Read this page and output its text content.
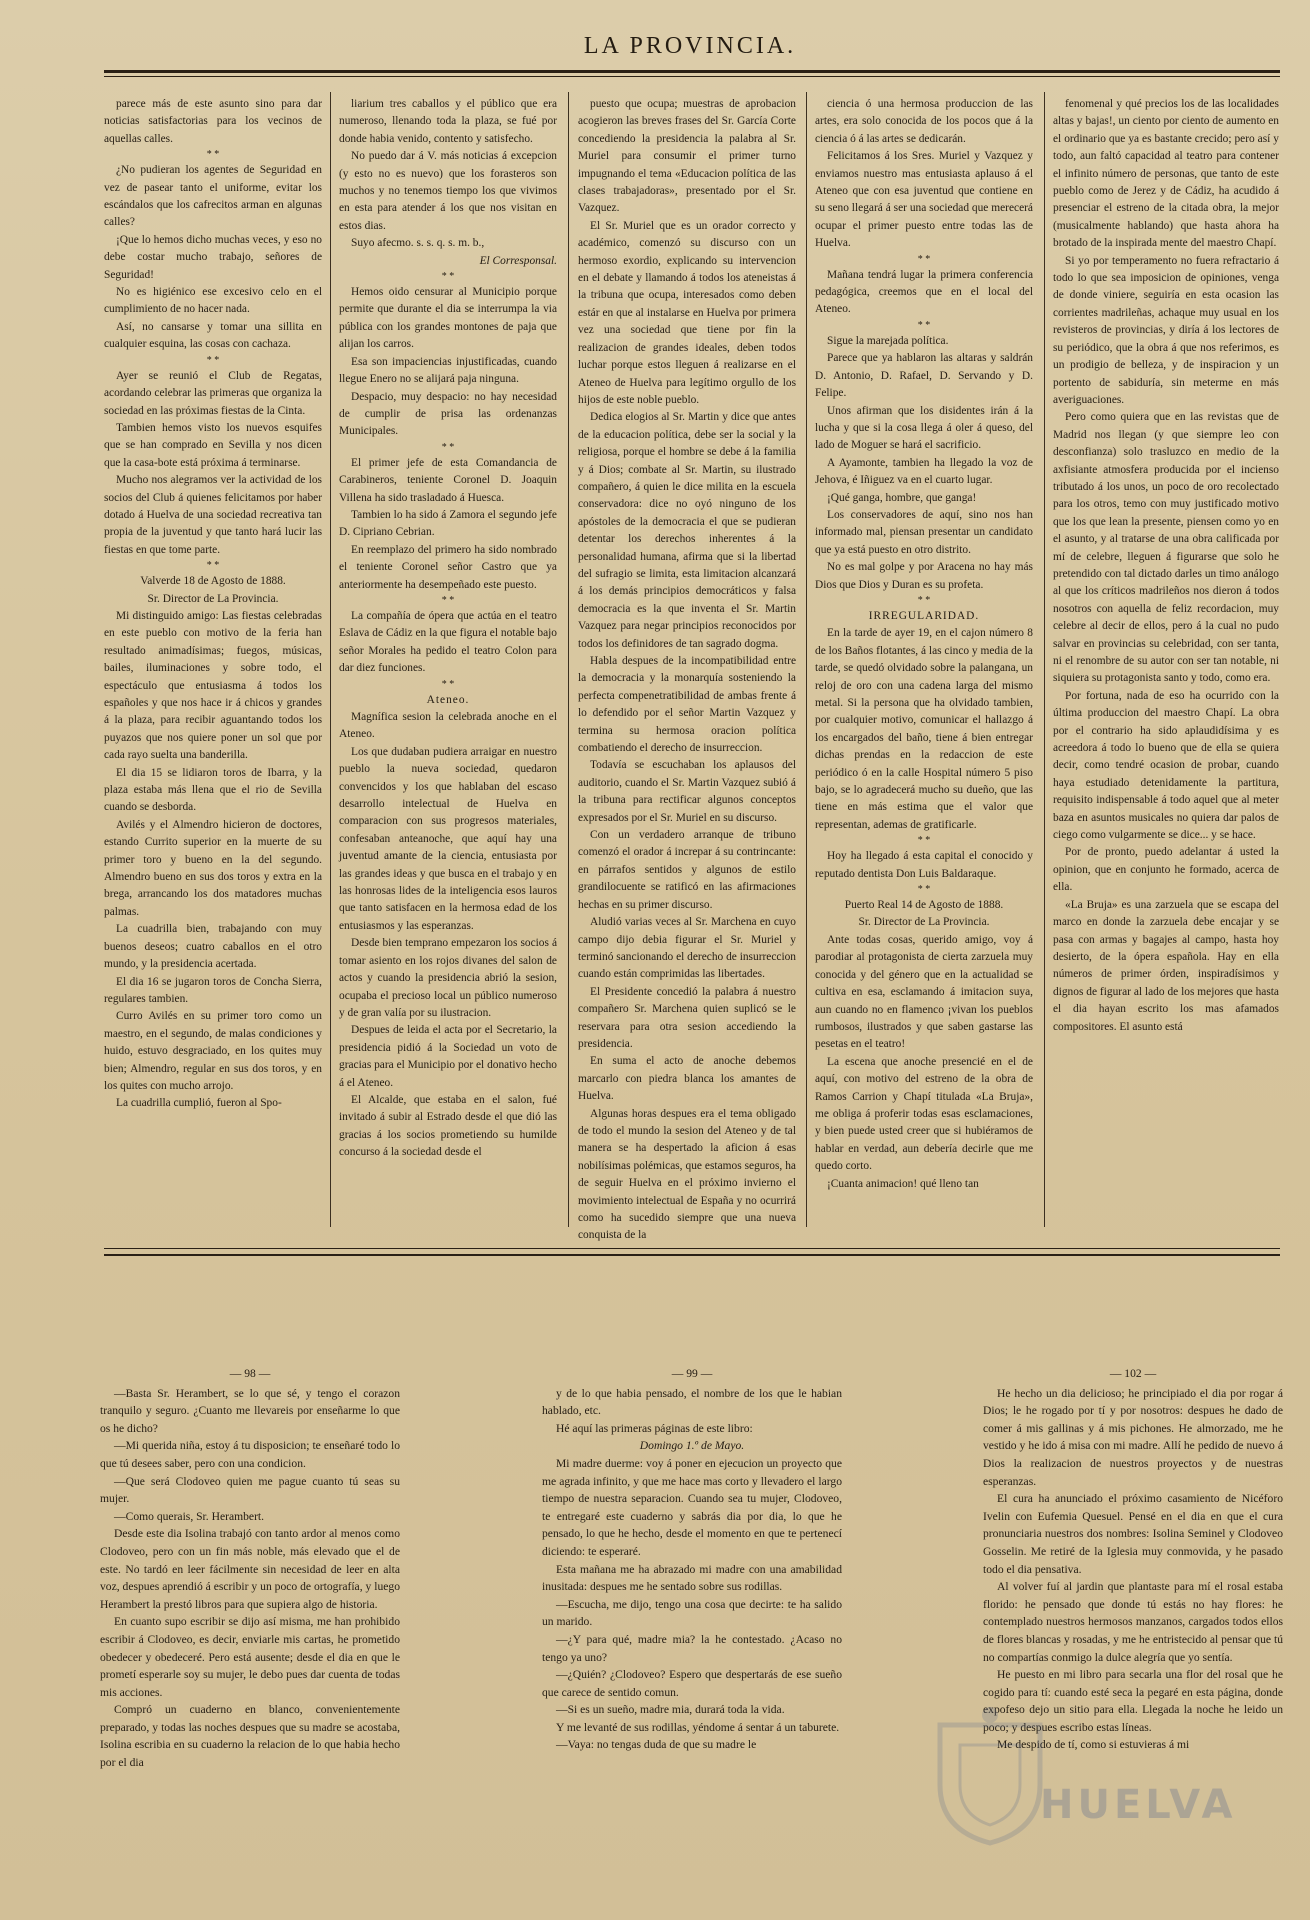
LA PROVINCIA.

parece más de este asunto sino para dar noticias satisfactorias para los vecinos de aquellas calles.

* *

¿No pudieran los agentes de Seguridad en vez de pasear tanto el uniforme, evitar los escándalos que los cafrecitos arman en algunas calles?

¡Que lo hemos dicho muchas veces, y eso no debe costar mucho trabajo, señores de Seguridad!

No es higiénico ese excesivo celo en el cumplimiento de no hacer nada.

Así, no cansarse y tomar una sillita en cualquier esquina, las cosas con cachaza.

* *

Ayer se reunió el Club de Regatas, acordando celebrar las primeras que organiza la sociedad en las próximas fiestas de la Cinta.

Tambien hemos visto los nuevos esquifes que se han comprado en Sevilla y nos dicen que la casa-bote está próxima á terminarse.

Mucho nos alegramos ver la actividad de los socios del Club á quienes felicitamos por haber dotado á Huelva de una sociedad recreativa tan propia de la juventud y que tanto hará lucir las fiestas en que tome parte.

* *

Valverde 18 de Agosto de 1888.

Sr. Director de La Provincia.

Mi distinguido amigo: Las fiestas celebradas en este pueblo con motivo de la feria han resultado animadísimas; fuegos, músicas, bailes, iluminaciones y sobre todo, el espectáculo que entusiasma á todos los españoles y que nos hace ir á chicos y grandes á la plaza, para recibir aguantando todos los puyazos que nos quiere poner un sol que por cada rayo suelta una banderilla.

El dia 15 se lidiaron toros de Ibarra, y la plaza estaba más llena que el rio de Sevilla cuando se desborda.

Avilés y el Almendro hicieron de doctores, estando Currito superior en la muerte de su primer toro y bueno en la del segundo. Almendro bueno en sus dos toros y extra en la brega, arrancando los dos matadores muchas palmas.

La cuadrilla bien, trabajando con muy buenos deseos; cuatro caballos en el otro mundo, y la presidencia acertada.

El dia 16 se jugaron toros de Concha Sierra, regulares tambien.

Curro Avilés en su primer toro como un maestro, en el segundo, de malas condiciones y huido, estuvo desgraciado, en los quites muy bien; Almendro, regular en sus dos toros, y en los quites con mucho arrojo.

La cuadrilla cumplió, fueron al Spo-

liarium tres caballos y el público que era numeroso, llenando toda la plaza, se fué por donde habia venido, contento y satisfecho.

No puedo dar á V. más noticias á excepcion (y esto no es nuevo) que los forasteros son muchos y no tenemos tiempo los que vivimos en esta para atender á los que nos visitan en estos dias.

Suyo afecmo. s. s. q. s. m. b.,

El Corresponsal.

* *

Hemos oido censurar al Municipio porque permite que durante el dia se interrumpa la via pública con los grandes montones de paja que alijan los carros.

Esa son impaciencias injustificadas, cuando llegue Enero no se alijará paja ninguna.

Despacio, muy despacio: no hay necesidad de cumplir de prisa las ordenanzas Municipales.

* *

El primer jefe de esta Comandancia de Carabineros, teniente Coronel D. Joaquin Villena ha sido trasladado á Huesca.

Tambien lo ha sido á Zamora el segundo jefe D. Cipriano Cebrian.

En reemplazo del primero ha sido nombrado el teniente Coronel señor Castro que ya anteriormente ha desempeñado este puesto.

* *

La compañía de ópera que actúa en el teatro Eslava de Cádiz en la que figura el notable bajo señor Morales ha pedido el teatro Colon para dar diez funciones.

* *

Ateneo.

Magnífica sesion la celebrada anoche en el Ateneo.

Los que dudaban pudiera arraigar en nuestro pueblo la nueva sociedad, quedaron convencidos y los que hablaban del escaso desarrollo intelectual de Huelva en comparacion con sus progresos materiales, confesaban anteanoche, que aquí hay una juventud amante de la ciencia, entusiasta por las grandes ideas y que busca en el trabajo y en las honrosas lides de la inteligencia esos lauros que tanto satisfacen en la hermosa edad de los entusiasmos y las esperanzas.

Desde bien temprano empezaron los socios á tomar asiento en los rojos divanes del salon de actos y cuando la presidencia abrió la sesion, ocupaba el precioso local un público numeroso y de gran valía por su ilustracion.

Despues de leida el acta por el Secretario, la presidencia pidió á la Sociedad un voto de gracias para el Municipio por el donativo hecho á el Ateneo.

El Alcalde, que estaba en el salon, fué invitado á subir al Estrado desde el que dió las gracias á los socios prometiendo su humilde concurso á la sociedad desde el

puesto que ocupa; muestras de aprobacion acogieron las breves frases del Sr. García Corte concediendo la presidencia la palabra al Sr. Muriel para consumir el primer turno impugnando el tema «Educacion política de las clases trabajadoras», presentado por el Sr. Vazquez.

El Sr. Muriel que es un orador correcto y académico, comenzó su discurso con un hermoso exordio, explicando su intervencion en el debate y llamando á todos los ateneistas á la tribuna que ocupa, interesados como deben estár en que al instalarse en Huelva por primera vez una sociedad que tiene por fin la realizacion de grandes ideales, deben todos luchar porque estos lleguen á realizarse en el Ateneo de Huelva para legítimo orgullo de los hijos de este noble pueblo.

Dedica elogios al Sr. Martin y dice que antes de la educacion política, debe ser la social y la religiosa, porque el hombre se debe á la familia y á Dios; combate al Sr. Martin, su ilustrado compañero, á quien le dice milita en la escuela conservadora: dice no oyó ninguno de los apóstoles de la democracia el que se pudieran detentar los derechos inherentes á la personalidad humana, afirma que si la libertad del sufragio se limita, esta limitacion alcanzará á los demás principios democráticos y falsa democracia es la que inventa el Sr. Martin Vazquez para negar principios reconocidos por todos los definidores de tan sagrado dogma.

Habla despues de la incompatibilidad entre la democracia y la monarquía sosteniendo la perfecta compenetratibilidad de ambas frente á lo defendido por el señor Martin Vazquez y termina su hermosa oracion política combatiendo el derecho de insurreccion.

Todavía se escuchaban los aplausos del auditorio, cuando el Sr. Martin Vazquez subió á la tribuna para rectificar algunos conceptos expresados por el Sr. Muriel en su discurso.

Con un verdadero arranque de tribuno comenzó el orador á increpar á su contrincante: en párrafos sentidos y algunos de estilo grandilocuente se ratificó en las afirmaciones hechas en su primer discurso.

Aludió varias veces al Sr. Marchena en cuyo campo dijo debia figurar el Sr. Muriel y terminó sancionando el derecho de insurreccion cuando están comprimidas las libertades.

El Presidente concedió la palabra á nuestro compañero Sr. Marchena quien suplicó se le reservara para otra sesion accediendo la presidencia.

En suma el acto de anoche debemos marcarlo con piedra blanca los amantes de Huelva.

Algunas horas despues era el tema obligado de todo el mundo la sesion del Ateneo y de tal manera se ha despertado la aficion á esas nobilísimas polémicas, que estamos seguros, ha de seguir Huelva en el próximo invierno el movimiento intelectual de España y no ocurrirá como ha sucedido siempre que una nueva conquista de la

ciencia ó una hermosa produccion de las artes, era solo conocida de los pocos que á la ciencia ó á las artes se dedicarán.

Felicitamos á los Sres. Muriel y Vazquez y enviamos nuestro mas entusiasta aplauso á el Ateneo que con esa juventud que contiene en su seno llegará á ser una sociedad que merecerá ocupar el primer puesto entre todas las de Huelva.

* *

Mañana tendrá lugar la primera conferencia pedagógica, creemos que en el local del Ateneo.

* *

Sigue la marejada política.

Parece que ya hablaron las altaras y saldrán D. Antonio, D. Rafael, D. Servando y D. Felipe.

Unos afirman que los disidentes irán á la lucha y que si la cosa llega á oler á queso, del lado de Moguer se hará el sacrificio.

A Ayamonte, tambien ha llegado la voz de Jehova, é Iñiguez va en el cuarto lugar.

¡Qué ganga, hombre, que ganga!

Los conservadores de aquí, sino nos han informado mal, piensan presentar un candidato que ya está puesto en otro distrito.

No es mal golpe y por Aracena no hay más Dios que Dios y Duran es su profeta.

* *

IRREGULARIDAD.

En la tarde de ayer 19, en el cajon número 8 de los Baños flotantes, á las cinco y media de la tarde, se quedó olvidado sobre la palangana, un reloj de oro con una cadena larga del mismo metal. Si la persona que ha olvidado tambien, por cualquier motivo, comunicar el hallazgo á los encargados del baño, tiene á bien entregar dichas prendas en la redaccion de este periódico ó en la calle Hospital número 5 piso bajo, se lo agradecerá mucho su dueño, que las tiene en más estima que el valor que representan, ademas de gratificarle.

* *

Hoy ha llegado á esta capital el conocido y reputado dentista Don Luis Baldaraque.

* *

Puerto Real 14 de Agosto de 1888.

Sr. Director de La Provincia.

Ante todas cosas, querido amigo, voy á parodiar al protagonista de cierta zarzuela muy conocida y del género que en la actualidad se cultiva en esa, esclamando á imitacion suya, aun cuando no en flamenco ¡vivan los pueblos rumbosos, ilustrados y que saben gastarse las pesetas en el teatro!

La escena que anoche presencié en el de aquí, con motivo del estreno de la obra de Ramos Carrion y Chapí titulada «La Bruja», me obliga á proferir todas esas esclamaciones, y bien puede usted creer que si hubiéramos de hablar en verdad, aun debería decirle que me quedo corto.

¡Cuanta animacion! qué lleno tan

fenomenal y qué precios los de las localidades altas y bajas!, un ciento por ciento de aumento en el ordinario que ya es bastante crecido; pero así y todo, aun faltó capacidad al teatro para contener el infinito número de personas, que tanto de este pueblo como de Jerez y de Cádiz, ha acudido á presenciar el estreno de la citada obra, la mejor (musicalmente hablando) que hasta ahora ha brotado de la inspirada mente del maestro Chapí.

Si yo por temperamento no fuera refractario á todo lo que sea imposicion de opiniones, venga de donde viniere, seguiría en esta ocasion las corrientes madrileñas, achaque muy usual en los revisteros de provincias, y diría á los lectores de su periódico, que la obra á que nos referimos, es un prodigio de belleza, y de inspiracion y un portento de sabiduría, sin meterme en más averiguaciones.

Pero como quiera que en las revistas que de Madrid nos llegan (y que siempre leo con desconfianza) solo trasluzco en medio de la axfisiante atmosfera producida por el incienso tributado á los unos, un poco de oro recolectado para los otros, temo con muy justificado motivo que los que lean la presente, piensen como yo en el asunto, y al tratarse de una obra calificada por mí de celebre, lleguen á figurarse que solo he pretendido con tal dictado darles un timo análogo al que los críticos madrileños nos dieron á todos nosotros con aquella de feliz recordacion, muy celebre al decir de ellos, pero á la cual no pudo salvar en provincias su celebridad, con ser tanta, ni el renombre de su autor con ser tan notable, ni siquiera su protagonista santo y todo, como era.

Por fortuna, nada de eso ha ocurrido con la última produccion del maestro Chapí. La obra por el contrario ha sido aplaudidísima y es acreedora á todo lo bueno que de ella se quiera decir, como tendré ocasion de probar, cuando haya estudiado detenidamente la partitura, requisito indispensable á todo aquel que al meter baza en asuntos musicales no quiera dar palos de ciego como vulgarmente se dice... y se hace.

Por de pronto, puedo adelantar á usted la opinion, que en conjunto he formado, acerca de ella.

«La Bruja» es una zarzuela que se escapa del marco en donde la zarzuela debe encajar y se pasa con armas y bagajes al campo, hasta hoy desierto, de la ópera española. Hay en ella números de primer órden, inspiradísimos y dignos de figurar al lado de los mejores que hasta el dia hayan escrito los mas afamados compositores. El asunto está

— 98 —

—Basta Sr. Herambert, se lo que sé, y tengo el corazon tranquilo y seguro. ¿Cuanto me llevareis por enseñarme lo que os he dicho?

—Mi querida niña, estoy á tu disposicion; te enseñaré todo lo que tú desees saber, pero con una condicion.

—Que será Clodoveo quien me pague cuanto tú seas su mujer.

—Como querais, Sr. Herambert.

Desde este dia Isolina trabajó con tanto ardor al menos como Clodoveo, pero con un fin más noble, más elevado que el de este. No tardó en leer fácilmente sin necesidad de leer en alta voz, despues aprendió á escribir y un poco de ortografía, y luego Herambert la prestó libros para que supiera algo de historia.

En cuanto supo escribir se dijo así misma, me han prohibido escribir á Clodoveo, es decir, enviarle mis cartas, he prometido obedecer y obedeceré. Pero está ausente; desde el dia en que le prometí esperarle soy su mujer, le debo pues dar cuenta de todas mis acciones.

Compró un cuaderno en blanco, convenientemente preparado, y todas las noches despues que su madre se acostaba, Isolina escribia en su cuaderno la relacion de lo que habia hecho por el dia

— 99 —

y de lo que habia pensado, el nombre de los que le habian hablado, etc.

Hé aquí las primeras páginas de este libro:

Domingo 1.º de Mayo.

Mi madre duerme: voy á poner en ejecucion un proyecto que me agrada infinito, y que me hace mas corto y llevadero el largo tiempo de nuestra separacion. Cuando sea tu mujer, Clodoveo, te entregaré este cuaderno y sabrás dia por dia, lo que he pensado, lo que he hecho, desde el momento en que te pertenecí diciendo: te esperaré.

Esta mañana me ha abrazado mi madre con una amabilidad inusitada: despues me he sentado sobre sus rodillas.

—Escucha, me dijo, tengo una cosa que decirte: te ha salido un marido.

—¿Y para qué, madre mia? la he contestado. ¿Acaso no tengo ya uno?

—¿Quién? ¿Clodoveo? Espero que despertarás de ese sueño que carece de sentido comun.

—Si es un sueño, madre mia, durará toda la vida.

Y me levanté de sus rodillas, yéndome á sentar á un taburete.

—Vaya: no tengas duda de que su madre le

— 102 —

He hecho un dia delicioso; he principiado el dia por rogar á Dios; le he rogado por tí y por nosotros: despues he dado de comer á mis gallinas y á mis pichones. He almorzado, me he vestido y he ido á misa con mi madre. Allí he pedido de nuevo á Dios la realizacion de nuestros proyectos y de nuestras esperanzas.

El cura ha anunciado el próximo casamiento de Nicéforo Ivelin con Eufemia Quesuel. Pensé en el dia en que el cura pronunciaria nuestros dos nombres: Isolina Seminel y Clodoveo Gosselin. Me retiré de la Iglesia muy conmovida, y he pasado todo el dia pensativa.

Al volver fuí al jardin que plantaste para mí el rosal estaba florido: he pensado que donde tú estás no hay flores: he contemplado nuestros hermosos manzanos, cargados todos ellos de flores blancas y rosadas, y me he entristecido al pensar que tú no compartías conmigo la dulce alegría que yo sentía.

He puesto en mi libro para secarla una flor del rosal que he cogido para tí: cuando esté seca la pegaré en esta página, donde expofeso dejo un sitio para ella. Llegada la noche he leido un poco; y despues escribo estas líneas.

Me despido de tí, como si estuvieras á mi

HUELVA
